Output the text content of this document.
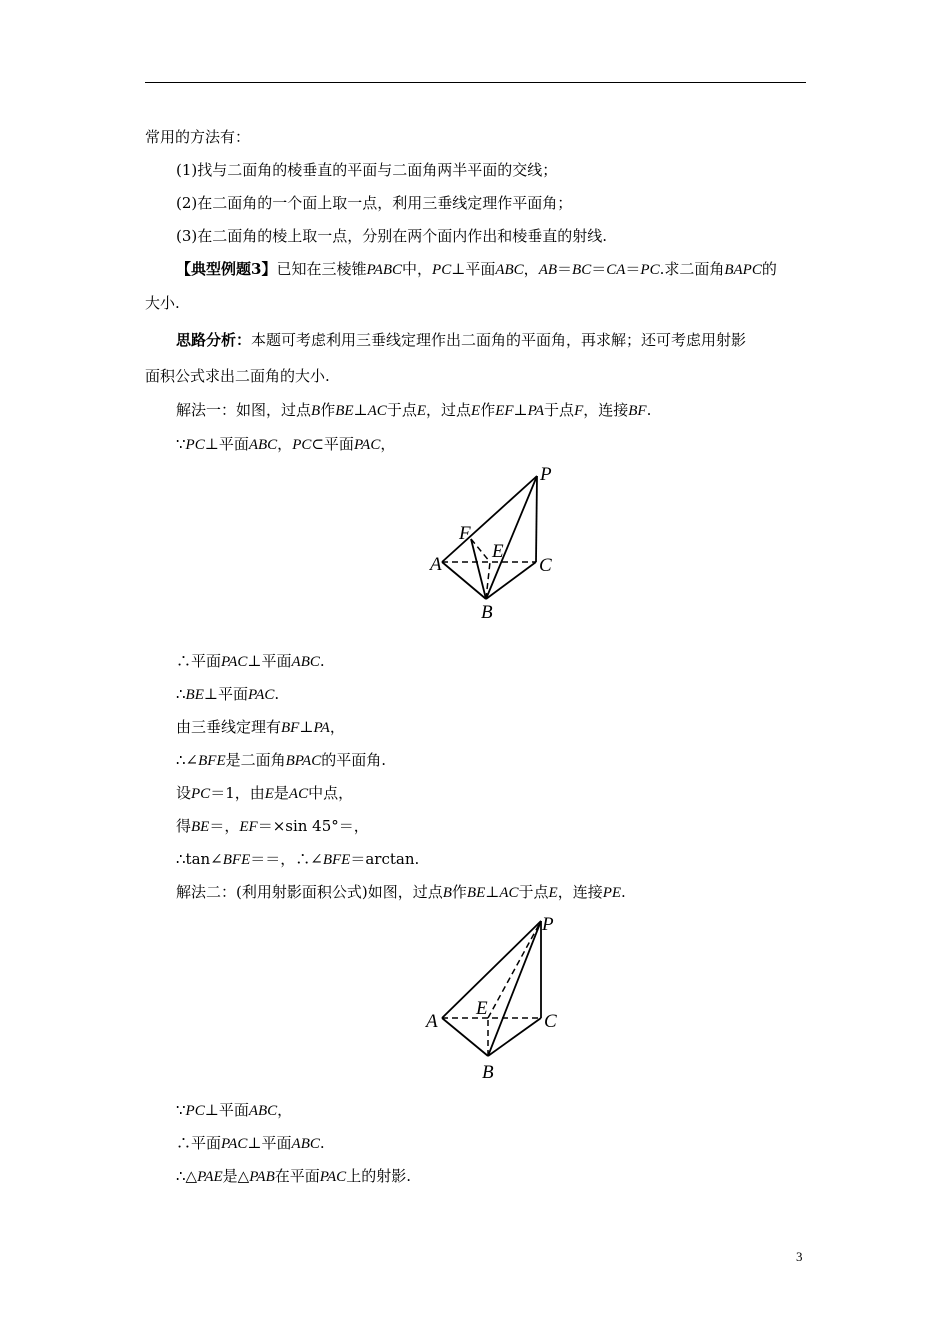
常用的方法有：
(1)找与二面角的棱垂直的平面与二面角两半平面的交线；
(2)在二面角的一个面上取一点，利用三垂线定理作平面角；
(3)在二面角的棱上取一点，分别在两个面内作出和棱垂直的射线.
【典型例题3】已知在三棱锥PABC中，PC⊥平面ABC，AB＝BC＝CA＝PC.求二面角BAPC的
大小.
思路分析：本题可考虑利用三垂线定理作出二面角的平面角，再求解；还可考虑用射影
面积公式求出二面角的大小.
解法一：如图，过点B作BE⊥AC于点E，过点E作EF⊥PA于点F，连接BF.
∵PC⊥平面ABC，PC⊂平面PAC，
P
F
E
A	C
B
∴平面PAC⊥平面ABC.
∴BE⊥平面PAC.
由三垂线定理有BF⊥PA，
∴∠BFE是二面角BPAC的平面角.
设PC＝1，由E是AC中点，
得BE＝，EF＝×sin 45°＝，
∴tan∠BFE＝＝，∴∠BFE＝arctan.
解法二：(利用射影面积公式)如图，过点B作BE⊥AC于点E，连接PE.
P
E
A	C
B
∵PC⊥平面ABC，
∴平面PAC⊥平面ABC.
∴△PAE是△PAB在平面PAC上的射影.
3
